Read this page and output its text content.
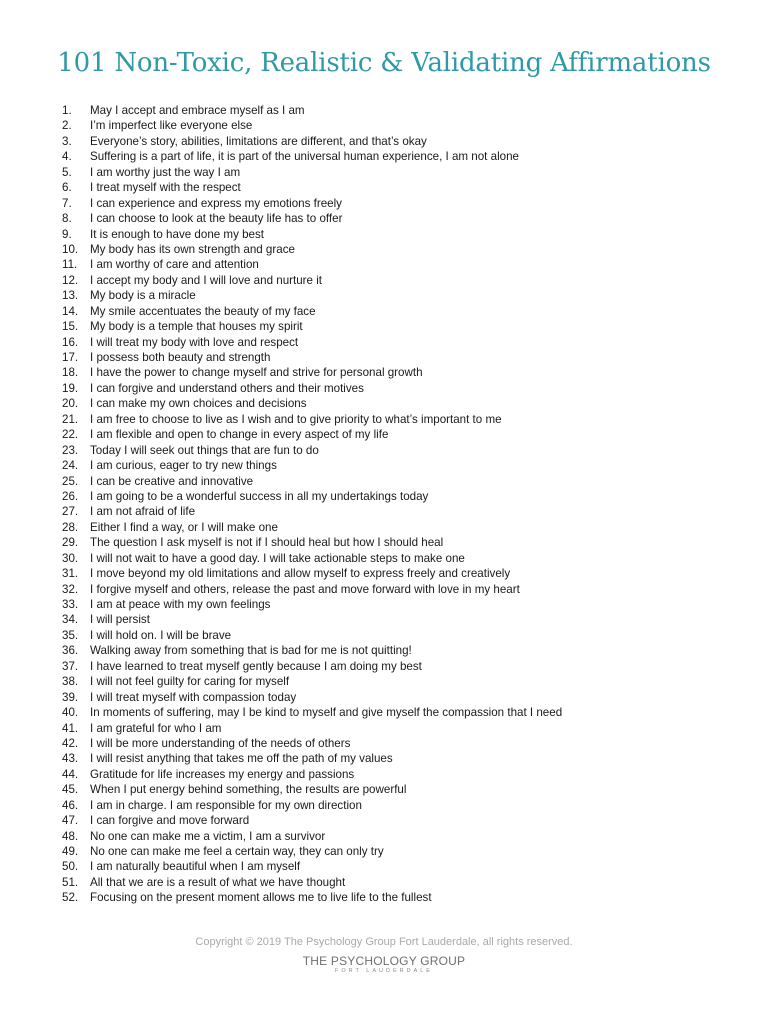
101 Non-Toxic, Realistic & Validating Affirmations
1.	May I accept and embrace myself as I am
2.	I’m imperfect like everyone else
3.	Everyone’s story, abilities, limitations are different, and that’s okay
4.	Suffering is a part of life, it is part of the universal human experience, I am not alone
5.	I am worthy just the way I am
6.	I treat myself with the respect
7.	I can experience and express my emotions freely
8.	I can choose to look at the beauty life has to offer
9.	It is enough to have done my best
10.	My body has its own strength and grace
11.	I am worthy of care and attention
12.	I accept my body and I will love and nurture it
13.	My body is a miracle
14.	My smile accentuates the beauty of my face
15.	My body is a temple that houses my spirit
16.	I will treat my body with love and respect
17.	I possess both beauty and strength
18.	I have the power to change myself and strive for personal growth
19.	I can forgive and understand others and their motives
20.	I can make my own choices and decisions
21.	I am free to choose to live as I wish and to give priority to what’s important to me
22.	I am flexible and open to change in every aspect of my life
23.	Today I will seek out things that are fun to do
24.	I am curious, eager to try new things
25.	I can be creative and innovative
26.	I am going to be a wonderful success in all my undertakings today
27.	I am not afraid of life
28.	Either I find a way, or I will make one
29.	The question I ask myself is not if I should heal but how I should heal
30.	I will not wait to have a good day. I will take actionable steps to make one
31.	I move beyond my old limitations and allow myself to express freely and creatively
32.	I forgive myself and others, release the past and move forward with love in my heart
33.	I am at peace with my own feelings
34.	I will persist
35.	I will hold on. I will be brave
36.	Walking away from something that is bad for me is not quitting!
37.	I have learned to treat myself gently because I am doing my best
38.	I will not feel guilty for caring for myself
39.	I will treat myself with compassion today
40.	In moments of suffering, may I be kind to myself and give myself the compassion that I need
41.	I am grateful for who I am
42.	I will be more understanding of the needs of others
43.	I will resist anything that takes me off the path of my values
44.	Gratitude for life increases my energy and passions
45.	When I put energy behind something, the results are powerful
46.	I am in charge. I am responsible for my own direction
47.	I can forgive and move forward
48.	No one can make me a victim, I am a survivor
49.	No one can make me feel a certain way, they can only try
50.	I am naturally beautiful when I am myself
51.	All that we are is a result of what we have thought
52.	Focusing on the present moment allows me to live life to the fullest
Copyright © 2019 The Psychology Group Fort Lauderdale, all rights reserved.
THE PSYCHOLOGY GROUP
FORT LAUDERDALE
